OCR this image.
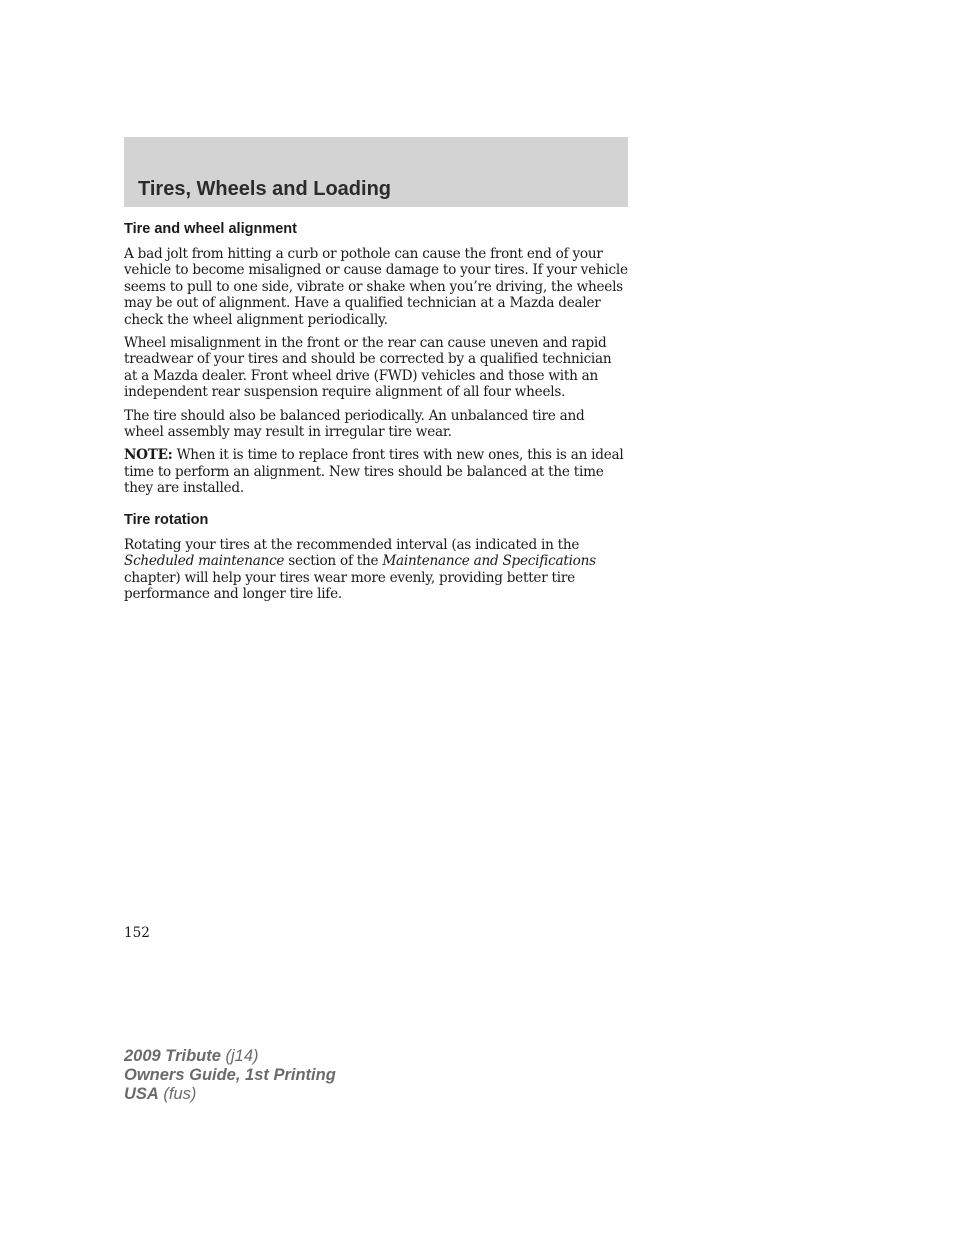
Tires, Wheels and Loading
Tire and wheel alignment

A bad jolt from hitting a curb or pothole can cause the front end of your vehicle to become misaligned or cause damage to your tires. If your vehicle seems to pull to one side, vibrate or shake when you’re driving, the wheels may be out of alignment. Have a qualified technician at a Mazda dealer check the wheel alignment periodically.

Wheel misalignment in the front or the rear can cause uneven and rapid treadwear of your tires and should be corrected by a qualified technician at a Mazda dealer. Front wheel drive (FWD) vehicles and those with an independent rear suspension require alignment of all four wheels.

The tire should also be balanced periodically. An unbalanced tire and wheel assembly may result in irregular tire wear.

NOTE: When it is time to replace front tires with new ones, this is an ideal time to perform an alignment. New tires should be balanced at the time they are installed.

Tire rotation

Rotating your tires at the recommended interval (as indicated in the Scheduled maintenance section of the Maintenance and Specifications chapter) will help your tires wear more evenly, providing better tire performance and longer tire life.

152
2009 Tribute (j14)
Owners Guide, 1st Printing
USA (fus)
